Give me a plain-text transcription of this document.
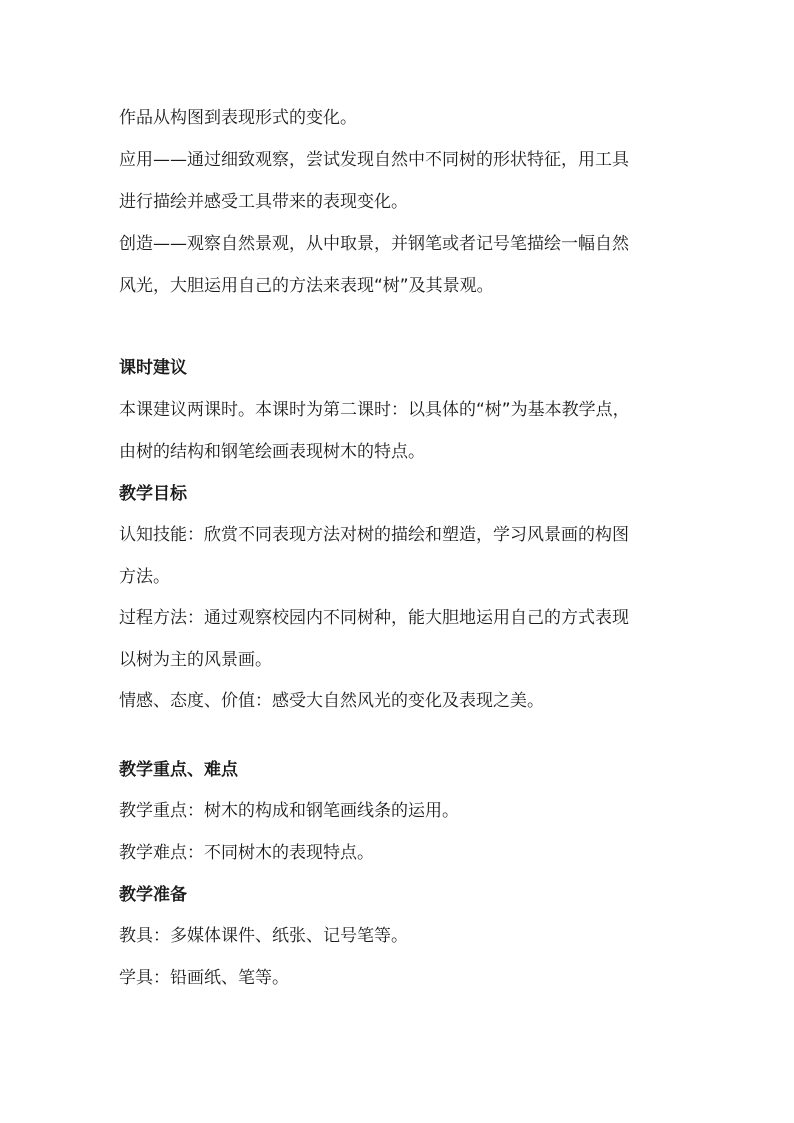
作品从构图到表现形式的变化。
应用——通过细致观察，尝试发现自然中不同树的形状特征，用工具
进行描绘并感受工具带来的表现变化。
创造——观察自然景观，从中取景，并钢笔或者记号笔描绘一幅自然
风光，大胆运用自己的方法来表现“树”及其景观。
课时建议
本课建议两课时。本课时为第二课时：以具体的“树”为基本教学点，
由树的结构和钢笔绘画表现树木的特点。
教学目标
认知技能：欣赏不同表现方法对树的描绘和塑造，学习风景画的构图
方法。
过程方法：通过观察校园内不同树种，能大胆地运用自己的方式表现
以树为主的风景画。
情感、态度、价值：感受大自然风光的变化及表现之美。
教学重点、难点
教学重点：树木的构成和钢笔画线条的运用。
教学难点：不同树木的表现特点。
教学准备
教具：多媒体课件、纸张、记号笔等。
学具：铅画纸、笔等。
